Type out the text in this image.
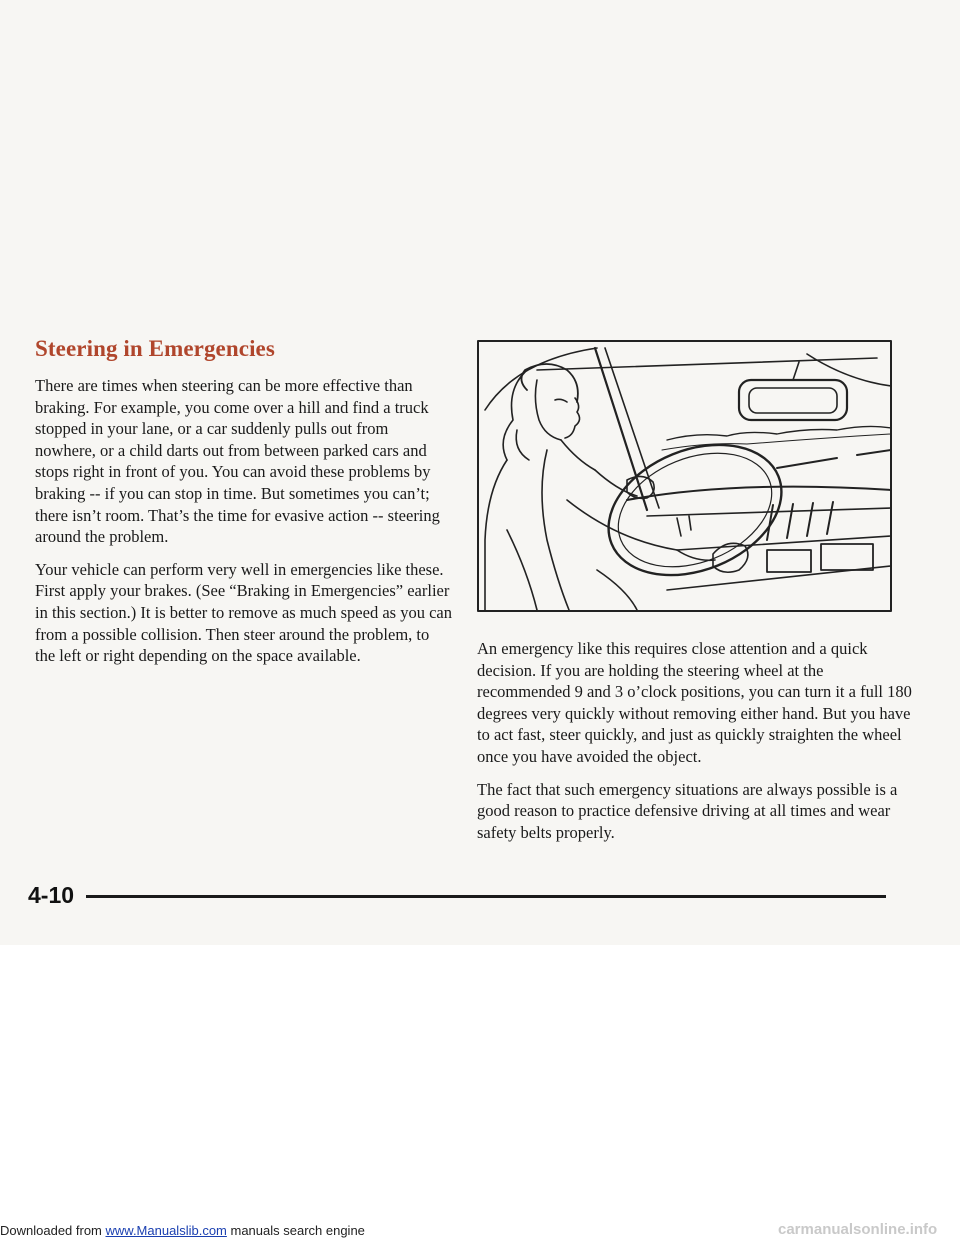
Steering in Emergencies

There are times when steering can be more effective than braking. For example, you come over a hill and find a truck stopped in your lane, or a car suddenly pulls out from nowhere, or a child darts out from between parked cars and stops right in front of you. You can avoid these problems by braking -- if you can stop in time. But sometimes you can’t; there isn’t room. That’s the time for evasive action -- steering around the problem.

Your vehicle can perform very well in emergencies like these. First apply your brakes. (See “Braking in Emergencies” earlier in this section.) It is better to remove as much speed as you can from a possible collision. Then steer around the problem, to the left or right depending on the space available.	An emergency like this requires close attention and a quick decision. If you are holding the steering wheel at the recommended 9 and 3 o’clock positions, you can turn it a full 180 degrees very quickly without removing either hand. But you have to act fast, steer quickly, and just as quickly straighten the wheel once you have avoided the object.

The fact that such emergency situations are always possible is a good reason to practice defensive driving at all times and wear safety belts properly.

4-10
Downloaded from www.Manualslib.com manuals search engine	carmanualsonline.info
